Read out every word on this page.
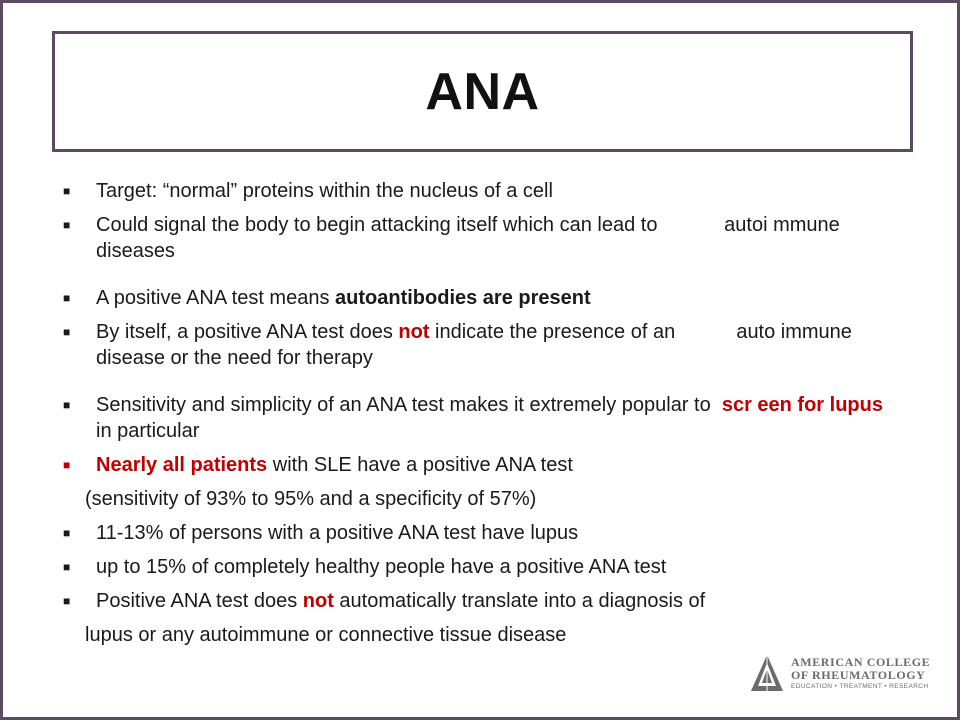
ANA
■ Target: “normal” proteins within the nucleus of a cell
■ Could signal the body to begin attacking itself which can lead to            autoi mmune diseases
■ A positive ANA test means autoantibodies are present
■ By itself, a positive ANA test does not indicate the presence of an           auto immune disease or the need for therapy
■ Sensitivity and simplicity of an ANA test makes it extremely popular to  scr een for lupus in particular
■ Nearly all patients with SLE have a positive ANA test
(sensitivity of 93% to 95% and a specificity of 57%)
■ 11-13% of persons with a positive ANA test have lupus
■ up to 15% of completely healthy people have a positive ANA test
■ Positive ANA test does not automatically translate into a diagnosis of
lupus or any autoimmune or connective tissue disease
AMERICAN COLLEGE
OF RHEUMATOLOGY
EDUCATION • TREATMENT • RESEARCH
